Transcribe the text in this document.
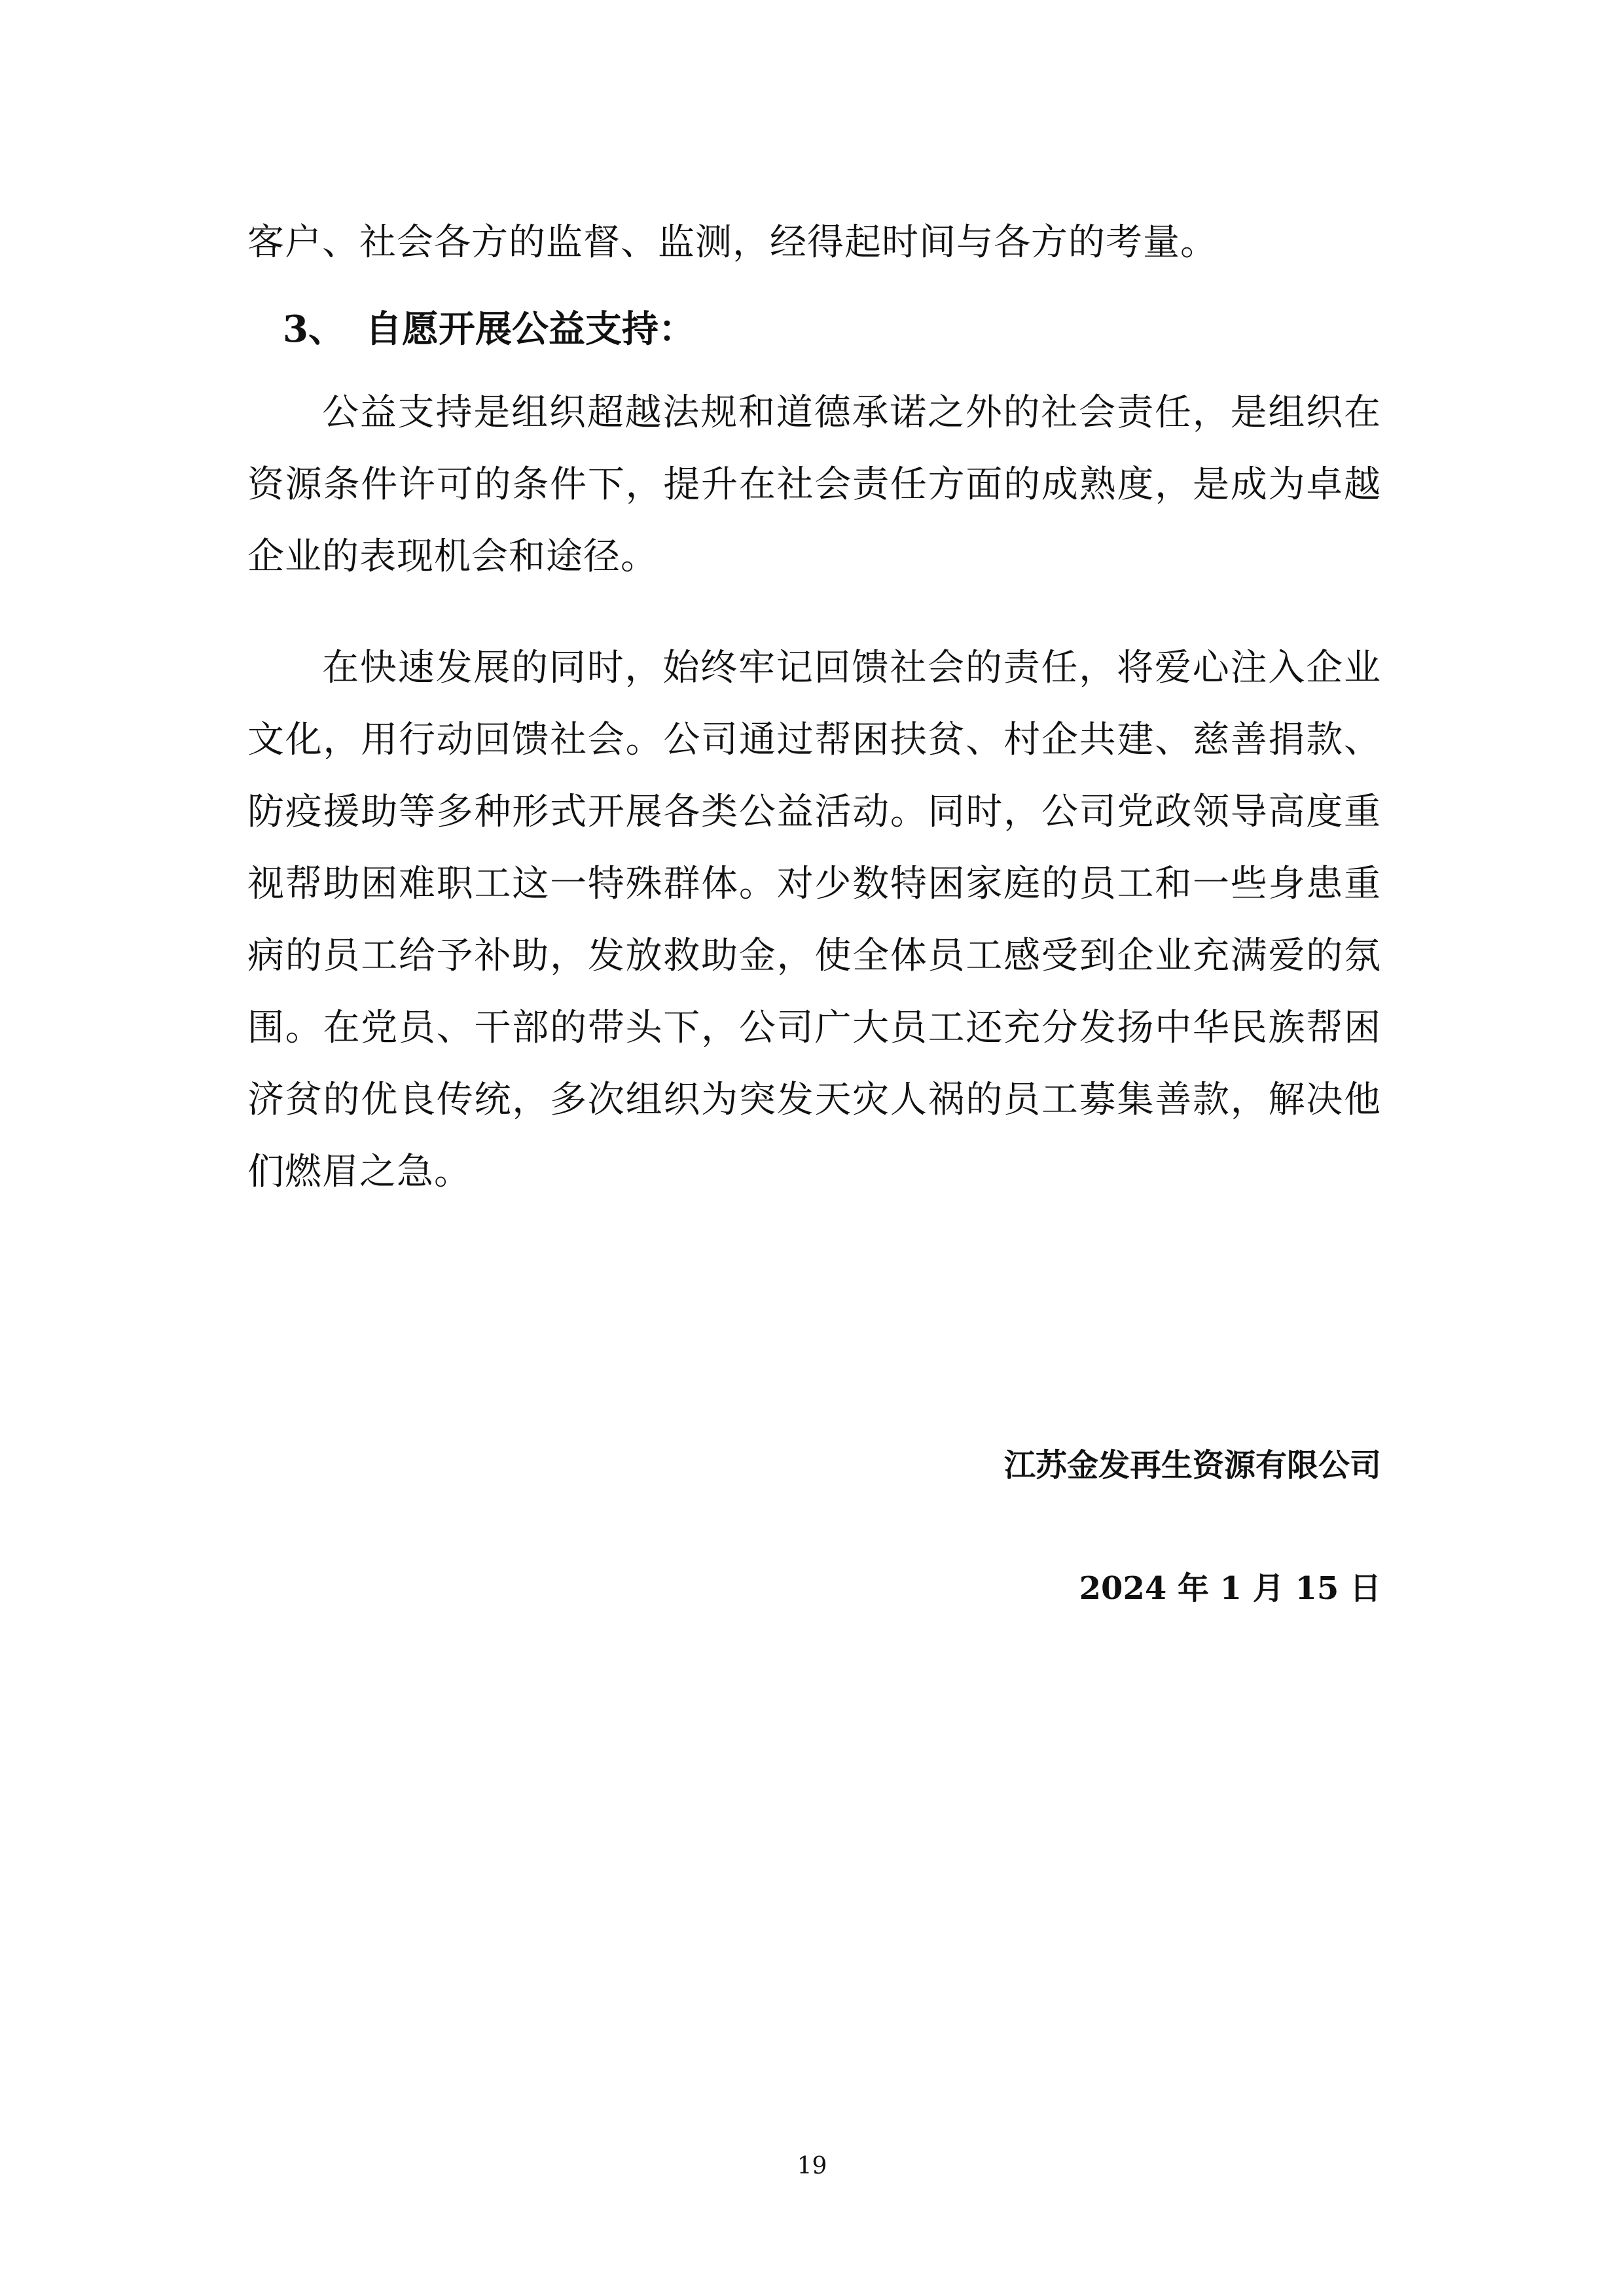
客户、社会各方的监督、监测，经得起时间与各方的考量。

3、 自愿开展公益支持：

公益支持是组织超越法规和道德承诺之外的社会责任，是组织在资源条件许可的条件下，提升在社会责任方面的成熟度，是成为卓越企业的表现机会和途径。

在快速发展的同时，始终牢记回馈社会的责任，将爱心注入企业文化，用行动回馈社会。公司通过帮困扶贫、村企共建、慈善捐款、防疫援助等多种形式开展各类公益活动。同时，公司党政领导高度重视帮助困难职工这一特殊群体。对少数特困家庭的员工和一些身患重病的员工给予补助，发放救助金，使全体员工感受到企业充满爱的氛围。在党员、干部的带头下，公司广大员工还充分发扬中华民族帮困济贫的优良传统，多次组织为突发天灾人祸的员工募集善款，解决他们燃眉之急。

江苏金发再生资源有限公司
2024 年 1 月 15 日
19
